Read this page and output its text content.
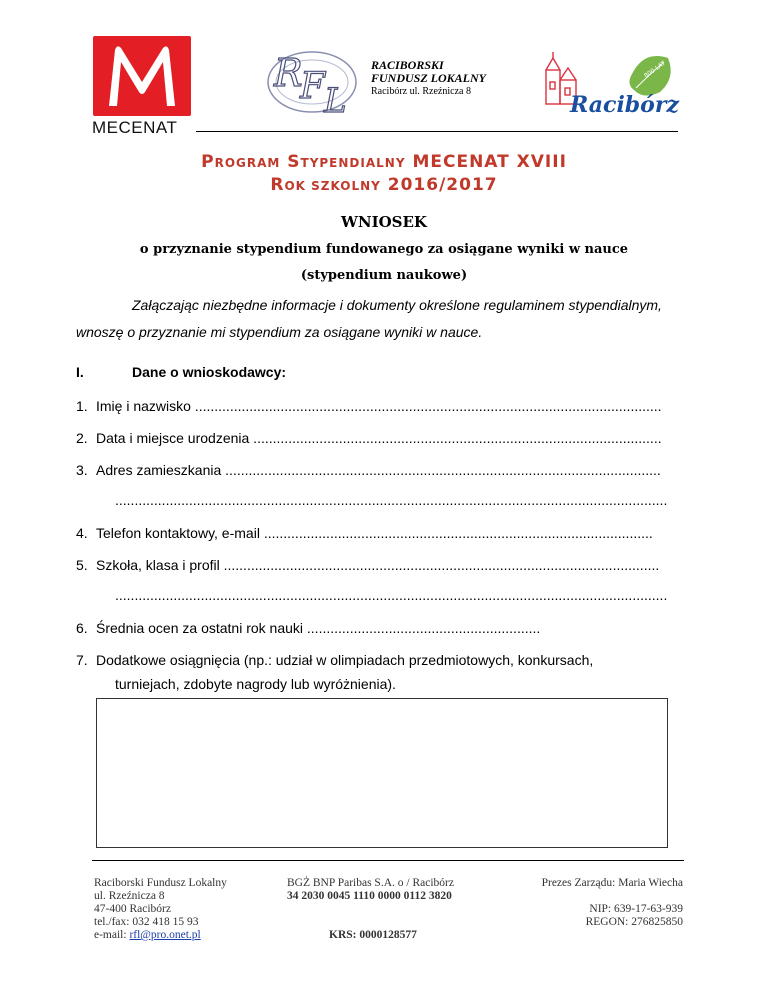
MECENAT
R
F L
RACIBORSKI
FUNDUSZ LOKALNY
Racibórz ul. Rzeźnicza 8
800 LAT
Racibórz
PROGRAM STYPENDIALNY MECENAT XVIII
ROK SZKOLNY 2016/2017
WNIOSEK
o przyznanie stypendium fundowanego za osiągane wyniki w nauce
(stypendium naukowe)
Załączając niezbędne informacje i dokumenty określone regulaminem stypendialnym,
wnoszę o przyznanie mi stypendium za osiągane wyniki w nauce.
I.	Dane o wnioskodawcy:
1. Imię i nazwisko ........................................................................................................................
2. Data i miejsce urodzenia .........................................................................................................
3. Adres zamieszkania ................................................................................................................
..............................................................................................................................................
4. Telefon kontaktowy, e-mail ....................................................................................................
5. Szkoła, klasa i profil ................................................................................................................
..............................................................................................................................................
6. Średnia ocen za ostatni rok nauki ............................................................
7. Dodatkowe osiągnięcia (np.: udział w olimpiadach przedmiotowych, konkursach,
turniejach, zdobyte nagrody lub wyróżnienia).
Raciborski Fundusz Lokalny
ul. Rzeźnicza 8
47-400 Racibórz
tel./fax: 032 418 15 93
e-mail: rfl@pro.onet.pl
BGŻ BNP Paribas S.A. o / Racibórz
34 2030 0045 1110 0000 0112 3820
KRS: 0000128577
Prezes Zarządu: Maria Wiecha
NIP: 639-17-63-939
REGON: 276825850
